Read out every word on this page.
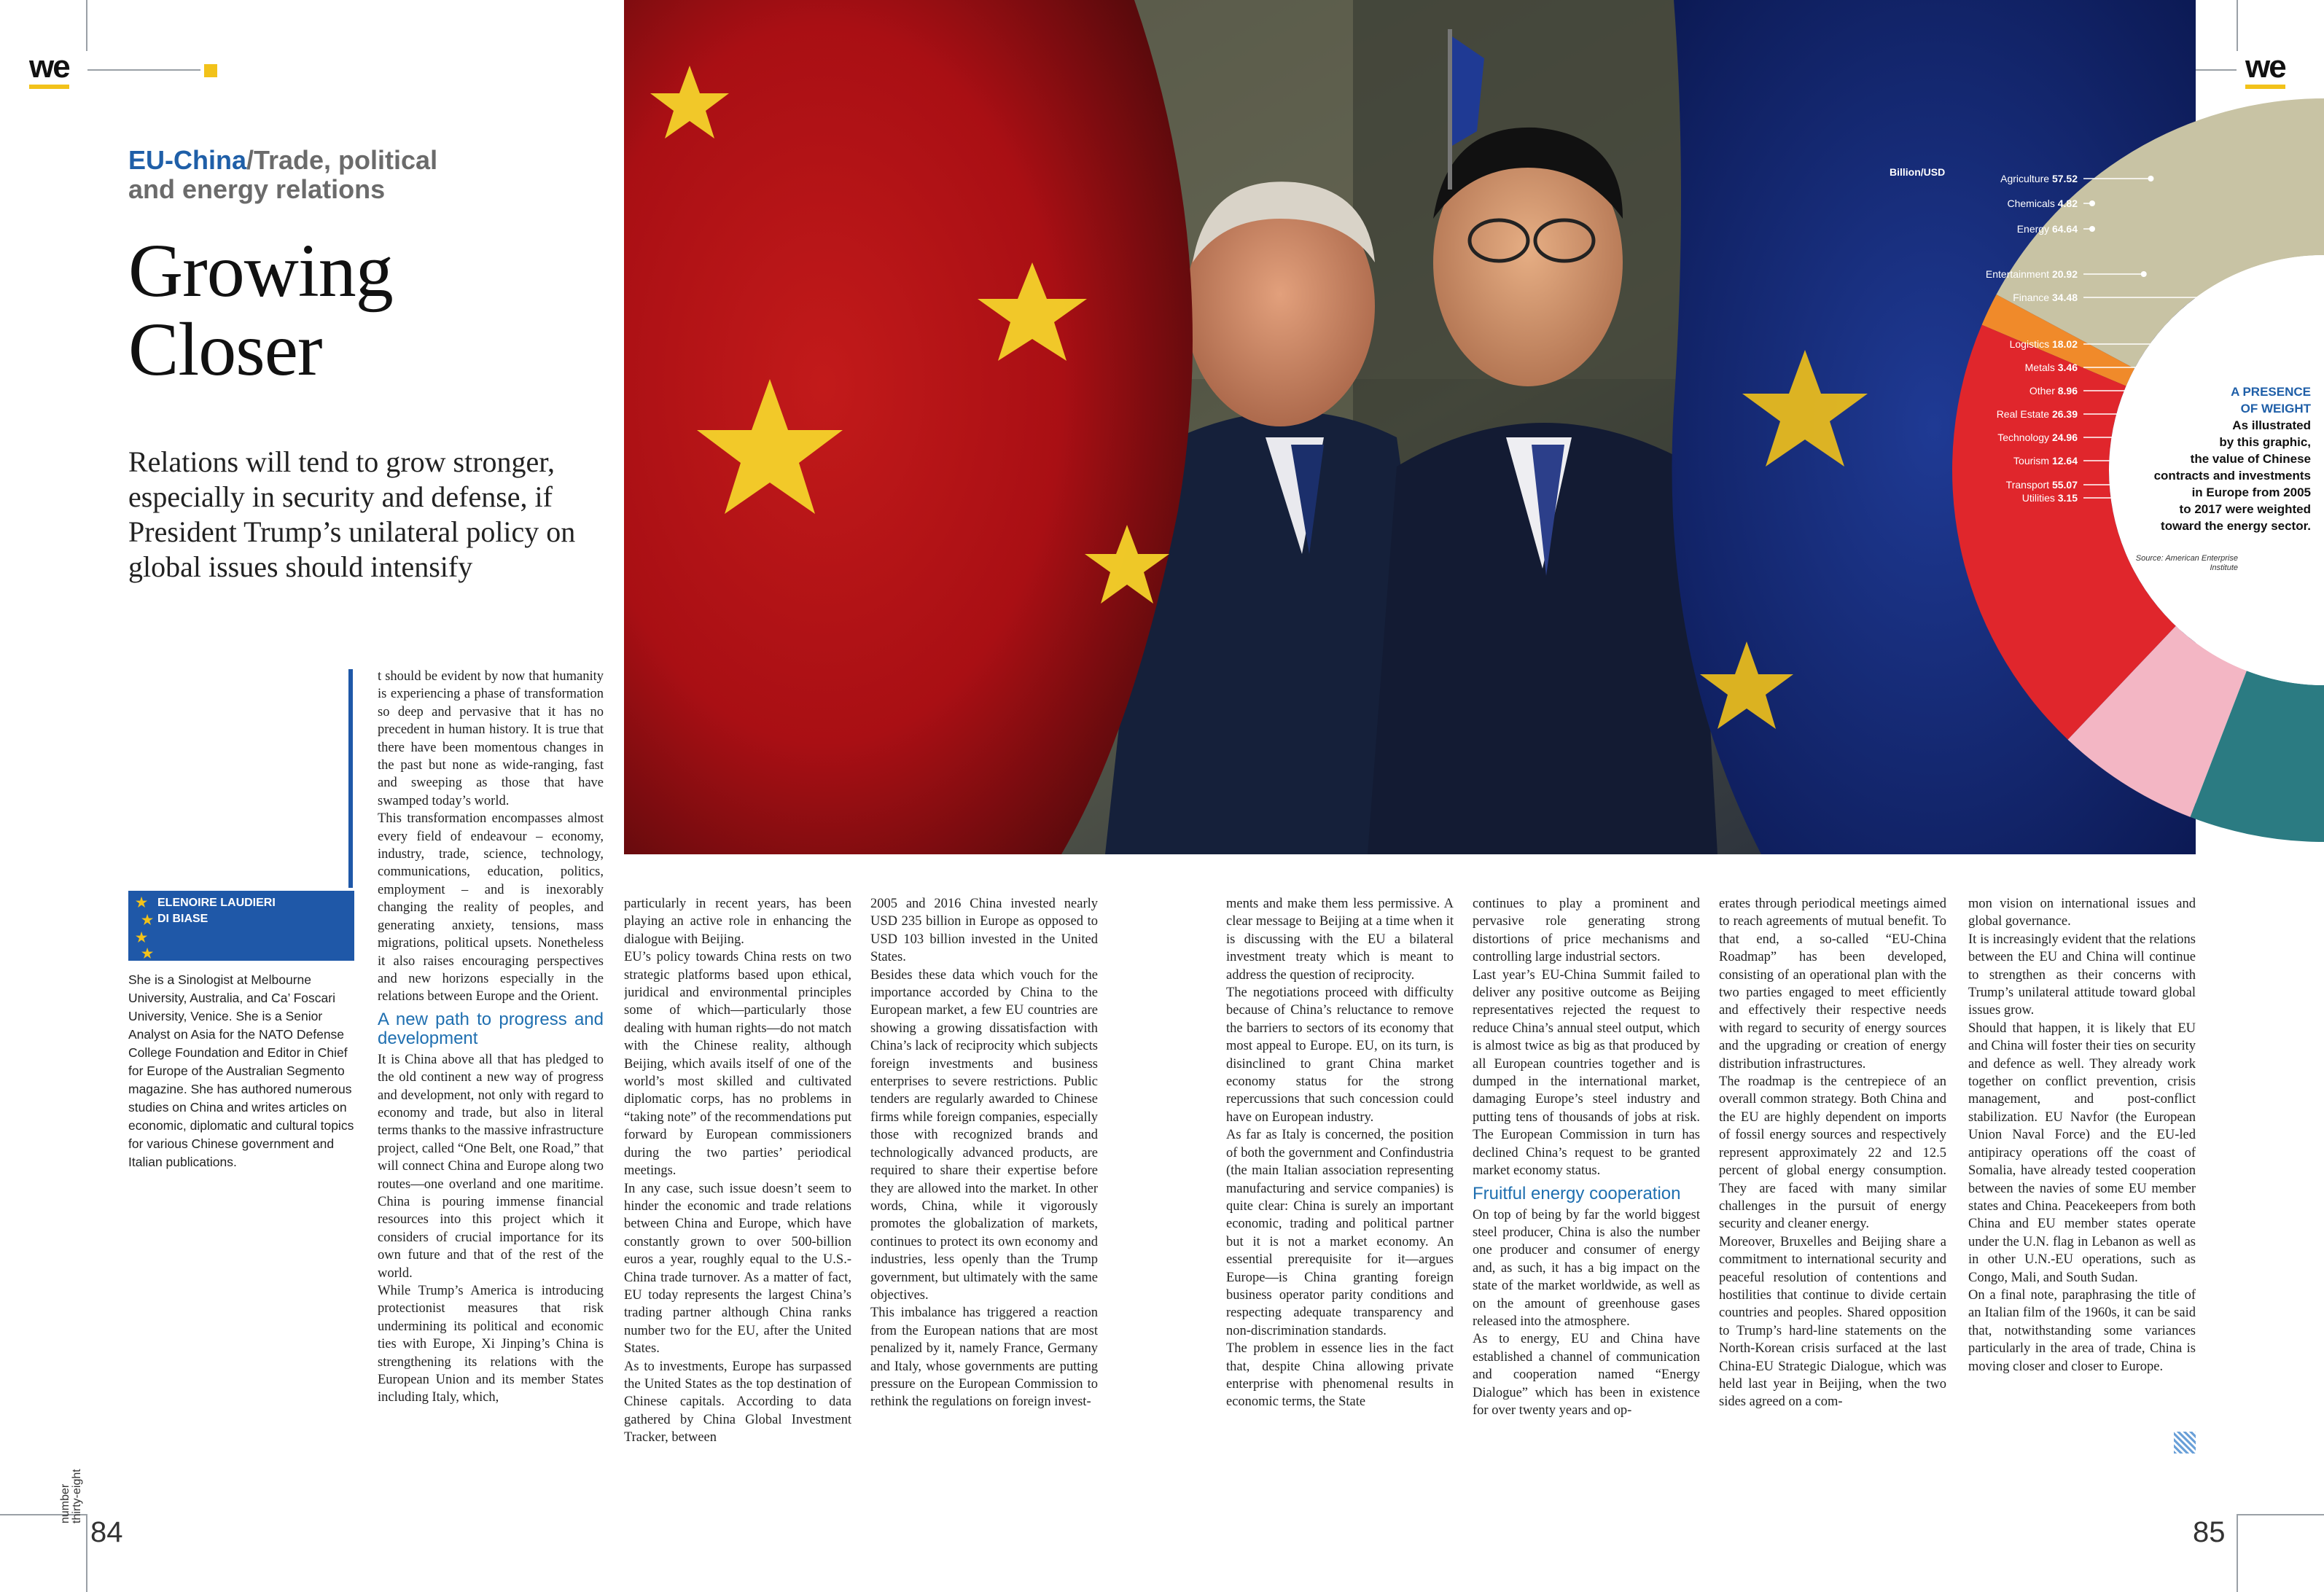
we	we
EU-China/Trade, political
and energy relations
Growing
Closer
Relations will tend to grow stronger, especially in security and defense, if President Trump’s unilateral policy on global issues should intensify
★
★
★
★
ELENOIRE LAUDIERI
DI BIASE
She is a Sinologist at Melbourne University, Australia, and Ca’ Foscari University, Venice. She is a Senior Analyst on Asia for the NATO Defense College Foundation and Editor in Chief for Europe of the Australian Segmento magazine. She has authored numerous studies on China and writes articles on economic, diplomatic and cultural topics for various Chinese government and Italian publications.
Agriculture 57.52
Chemicals 4.82
Energy 64.64
Entertainment 20.92
Finance 34.48
Logistics 18.02
Metals 3.46
Other 8.96
Real Estate 26.39
Technology 24.96
Tourism 12.64
Transport 55.07
Utilities 3.15
Billion/USD
A PRESENCE
OF WEIGHT
As illustrated
by this graphic,
the value of Chinese
contracts and investments
in Europe from 2005
to 2017 were weighted
toward the energy sector.
Source: American Enterprise
Institute

t should be evident by now that humanity is experiencing a phase of transformation so deep and pervasive that it has no precedent in human history. It is true that there have been momentous changes in the past but none as wide-ranging, fast and sweeping as those that have swamped today’s world.

This transformation encompasses almost every field of endeavour – economy, industry, trade, science, technology, communications, education, politics, employment – and is inexorably changing the reality of peoples, and generating anxiety, tensions, mass migrations, political upsets. Nonetheless it also raises encouraging perspectives and new horizons especially in the relations between Europe and the Orient.

A new path to progress and development

It is China above all that has pledged to the old continent a new way of progress and development, not only with regard to economy and trade, but also in literal terms thanks to the massive infrastructure project, called “One Belt, one Road,” that will connect China and Europe along two routes—one overland and one maritime. China is pouring immense financial resources into this project which it considers of crucial importance for its own future and that of the rest of the world.

While Trump’s America is introducing protectionist measures that risk undermining its political and economic ties with Europe, Xi Jinping’s China is strengthening its relations with the European Union and its member States including Italy, which,

particularly in recent years, has been playing an active role in enhancing the dialogue with Beijing.

EU’s policy towards China rests on two strategic platforms based upon ethical, juridical and environmental principles some of which—particularly those dealing with human rights—do not match with the Chinese reality, although Beijing, which avails itself of one of the world’s most skilled and cultivated diplomatic corps, has no problems in “taking note” of the recommendations put forward by European commissioners during the two parties’ periodical meetings.

In any case, such issue doesn’t seem to hinder the economic and trade relations between China and Europe, which have constantly grown to over 500-billion euros a year, roughly equal to the U.S.-China trade turnover. As a matter of fact, EU today represents the largest China’s trading partner although China ranks number two for the EU, after the United States.

As to investments, Europe has surpassed the United States as the top destination of Chinese capitals. According to data gathered by China Global Investment Tracker, between

2005 and 2016 China invested nearly USD 235 billion in Europe as opposed to USD 103 billion invested in the United States.

Besides these data which vouch for the importance accorded by China to the European market, a few EU countries are showing a growing dissatisfaction with China’s lack of reciprocity which subjects foreign investments and business enterprises to severe restrictions. Public tenders are regularly awarded to Chinese firms while foreign companies, especially those with recognized brands and technologically advanced products, are required to share their expertise before they are allowed into the market. In other words, China, while it vigorously promotes the globalization of markets, continues to protect its own economy and industries, less openly than the Trump government, but ultimately with the same objectives.

This imbalance has triggered a reaction from the European nations that are most penalized by it, namely France, Germany and Italy, whose governments are putting pressure on the European Commission to rethink the regulations on foreign invest-

ments and make them less permissive. A clear message to Beijing at a time when it is discussing with the EU a bilateral investment treaty which is meant to address the question of reciprocity.

The negotiations proceed with difficulty because of China’s reluctance to remove the barriers to sectors of its economy that most appeal to Europe. EU, on its turn, is disinclined to grant China market economy status for the strong repercussions that such concession could have on European industry.

As far as Italy is concerned, the position of both the government and Confindustria (the main Italian association representing manufacturing and service companies) is quite clear: China is surely an important economic, trading and political partner but it is not a market economy. An essential prerequisite for it—argues Europe—is China granting foreign business operator parity conditions and respecting adequate transparency and non-discrimination standards.

The problem in essence lies in the fact that, despite China allowing private enterprise with phenomenal results in economic terms, the State

continues to play a prominent and pervasive role generating strong distortions of price mechanisms and controlling large industrial sectors.

Last year’s EU-China Summit failed to deliver any positive outcome as Beijing representatives rejected the request to reduce China’s annual steel output, which is almost twice as big as that produced by all European countries together and is dumped in the international market, damaging Europe’s steel industry and putting tens of thousands of jobs at risk. The European Commission in turn has declined China’s request to be granted market economy status.

Fruitful energy cooperation

On top of being by far the world biggest steel producer, China is also the number one producer and consumer of energy and, as such, it has a big impact on the state of the market worldwide, as well as on the amount of greenhouse gases released into the atmosphere.

As to energy, EU and China have established a channel of communication and cooperation named “Energy Dialogue” which has been in existence for over twenty years and op-

erates through periodical meetings aimed to reach agreements of mutual benefit. To that end, a so-called “EU-China Roadmap” has been developed, consisting of an operational plan with the two parties engaged to meet efficiently and effectively their respective needs with regard to security of energy sources and the upgrading or creation of energy distribution infrastructures.

The roadmap is the centrepiece of an overall common strategy. Both China and the EU are highly dependent on imports of fossil energy sources and respectively represent approximately 22 and 12.5 percent of global energy consumption. They are faced with many similar challenges in the pursuit of energy security and cleaner energy.

Moreover, Bruxelles and Beijing share a commitment to international security and peaceful resolution of contentions and hostilities that continue to divide certain countries and peoples. Shared opposition to Trump’s hard-line statements on the North-Korean crisis surfaced at the last China-EU Strategic Dialogue, which was held last year in Beijing, when the two sides agreed on a com-

mon vision on international issues and global governance.

It is increasingly evident that the relations between the EU and China will continue to strengthen as their concerns with Trump’s unilateral attitude toward global issues grow.

Should that happen, it is likely that EU and China will foster their ties on security and defence as well. They already work together on conflict prevention, crisis management, and post-conflict stabilization. EU Navfor (the European Union Naval Force) and the EU-led antipiracy operations off the coast of Somalia, have already tested cooperation between the navies of some EU member states and China. Peacekeepers from both China and EU member states operate under the U.N. flag in Lebanon as well as in other U.N.-EU operations, such as Congo, Mali, and South Sudan.

On a final note, paraphrasing the title of an Italian film of the 1960s, it can be said that, notwithstanding some variances particularly in the area of trade, China is moving closer and closer to Europe.

84
number thirty-eight
85
